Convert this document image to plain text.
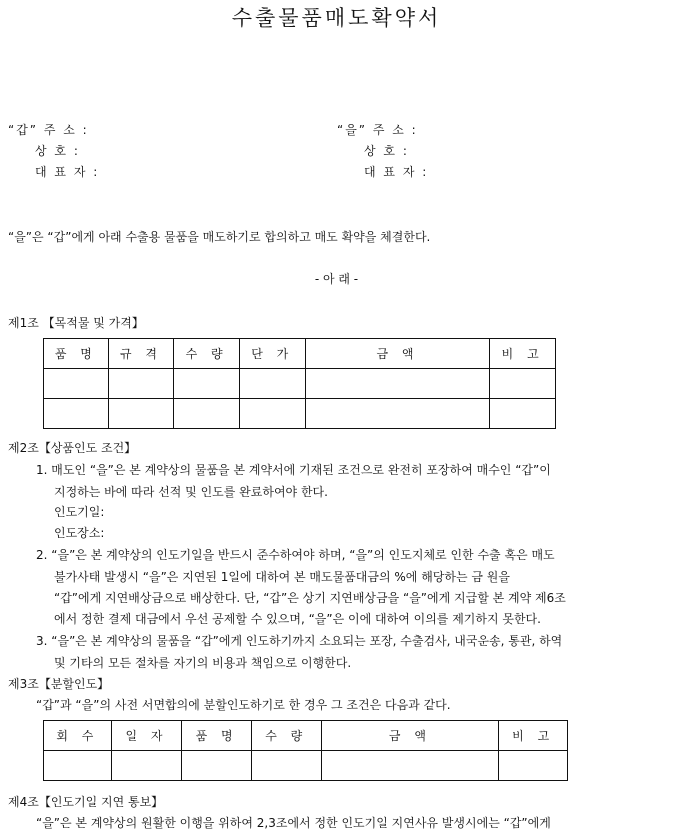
수출물품매도확약서
“갑” 주 소 :
상 호 :
대 표 자 :
“을” 주 소 :
상 호 :
대 표 자 :
“을”은 “갑”에게 아래 수출용 물품을 매도하기로 합의하고 매도 확약을 체결한다.
- 아 래 -
제1조 【목적물 및 가격】
품 명	규 격	수 량	단 가	금 액	비 고

제2조【상품인도 조건】
1. 매도인 “을”은 본 계약상의 물품을 본 계약서에 기재된 조건으로 완전히 포장하여 매수인 “갑”이
지정하는 바에 따라 선적 및 인도를 완료하여야 한다.
인도기일:
인도장소:
2. “을”은 본 계약상의 인도기일을 반드시 준수하여야 하며, “을”의 인도지체로 인한 수출 혹은 매도
불가사태 발생시 “을”은 지연된 1일에 대하여 본 매도물품대금의 %에 해당하는 금 원을
“갑”에게 지연배상금으로 배상한다. 단, “갑”은 상기 지연배상금을 “을”에게 지급할 본 계약 제6조
에서 정한 결제 대금에서 우선 공제할 수 있으며, “을”은 이에 대하여 이의를 제기하지 못한다.
3. “을”은 본 계약상의 물품을 “갑”에게 인도하기까지 소요되는 포장, 수출검사, 내국운송, 통관, 하역
및 기타의 모든 절차를 자기의 비용과 책임으로 이행한다.
제3조【분할인도】
“갑”과 “을”의 사전 서면합의에 분할인도하기로 한 경우 그 조건은 다음과 같다.
회 수	일 자	품 명	수 량	금 액	비 고

제4조【인도기일 지연 통보】
“을”은 본 계약상의 원활한 이행을 위하여 2,3조에서 정한 인도기일 지연사유 발생시에는 “갑”에게
